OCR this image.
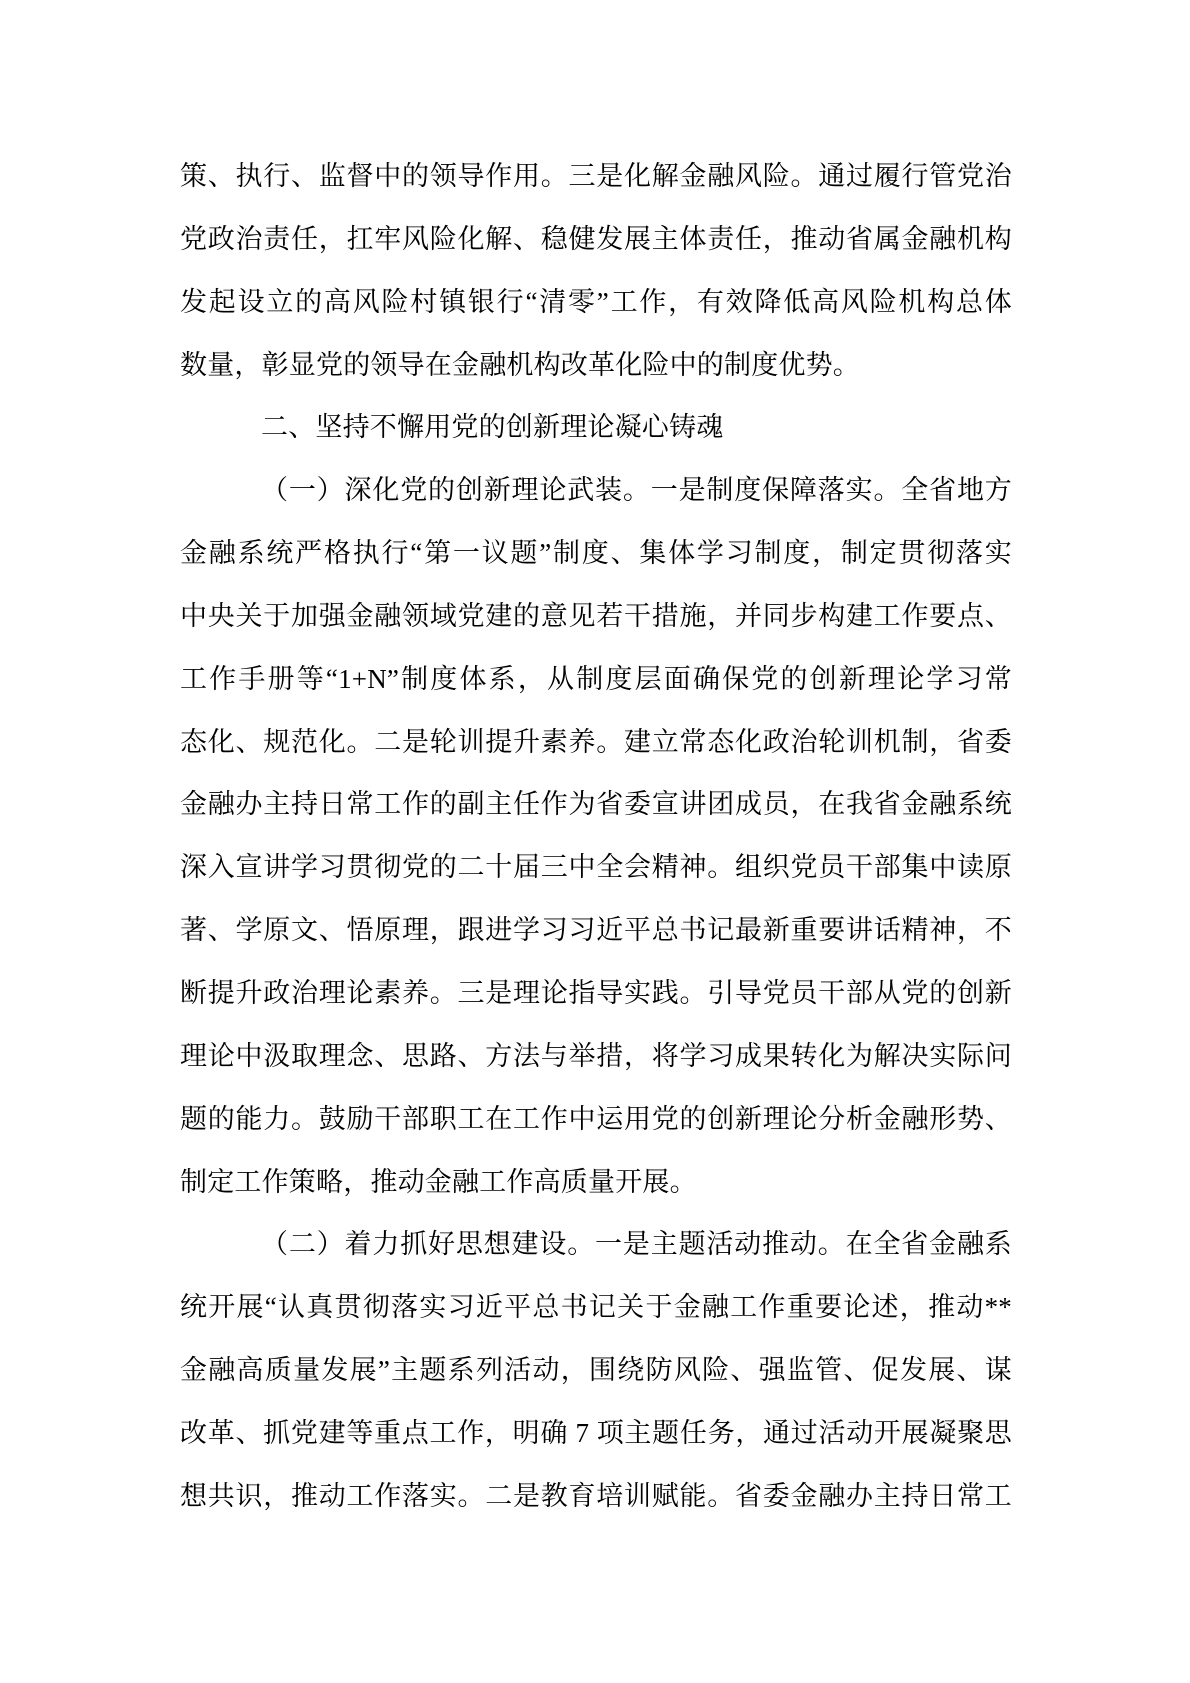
策、执行、监督中的领导作用。三是化解金融风险。通过履行管党治
党政治责任，扛牢风险化解、稳健发展主体责任，推动省属金融机构
发起设立的高风险村镇银行“清零”工作，有效降低高风险机构总体
数量，彰显党的领导在金融机构改革化险中的制度优势。
二、坚持不懈用党的创新理论凝心铸魂
（一）深化党的创新理论武装。一是制度保障落实。全省地方
金融系统严格执行“第一议题”制度、集体学习制度，制定贯彻落实
中央关于加强金融领域党建的意见若干措施，并同步构建工作要点、
工作手册等“1+N”制度体系，从制度层面确保党的创新理论学习常
态化、规范化。二是轮训提升素养。建立常态化政治轮训机制，省委
金融办主持日常工作的副主任作为省委宣讲团成员，在我省金融系统
深入宣讲学习贯彻党的二十届三中全会精神。组织党员干部集中读原
著、学原文、悟原理，跟进学习习近平总书记最新重要讲话精神，不
断提升政治理论素养。三是理论指导实践。引导党员干部从党的创新
理论中汲取理念、思路、方法与举措，将学习成果转化为解决实际问
题的能力。鼓励干部职工在工作中运用党的创新理论分析金融形势、
制定工作策略，推动金融工作高质量开展。
（二）着力抓好思想建设。一是主题活动推动。在全省金融系
统开展“认真贯彻落实习近平总书记关于金融工作重要论述，推动**
金融高质量发展”主题系列活动，围绕防风险、强监管、促发展、谋
改革、抓党建等重点工作，明确 7 项主题任务，通过活动开展凝聚思
想共识，推动工作落实。二是教育培训赋能。省委金融办主持日常工
